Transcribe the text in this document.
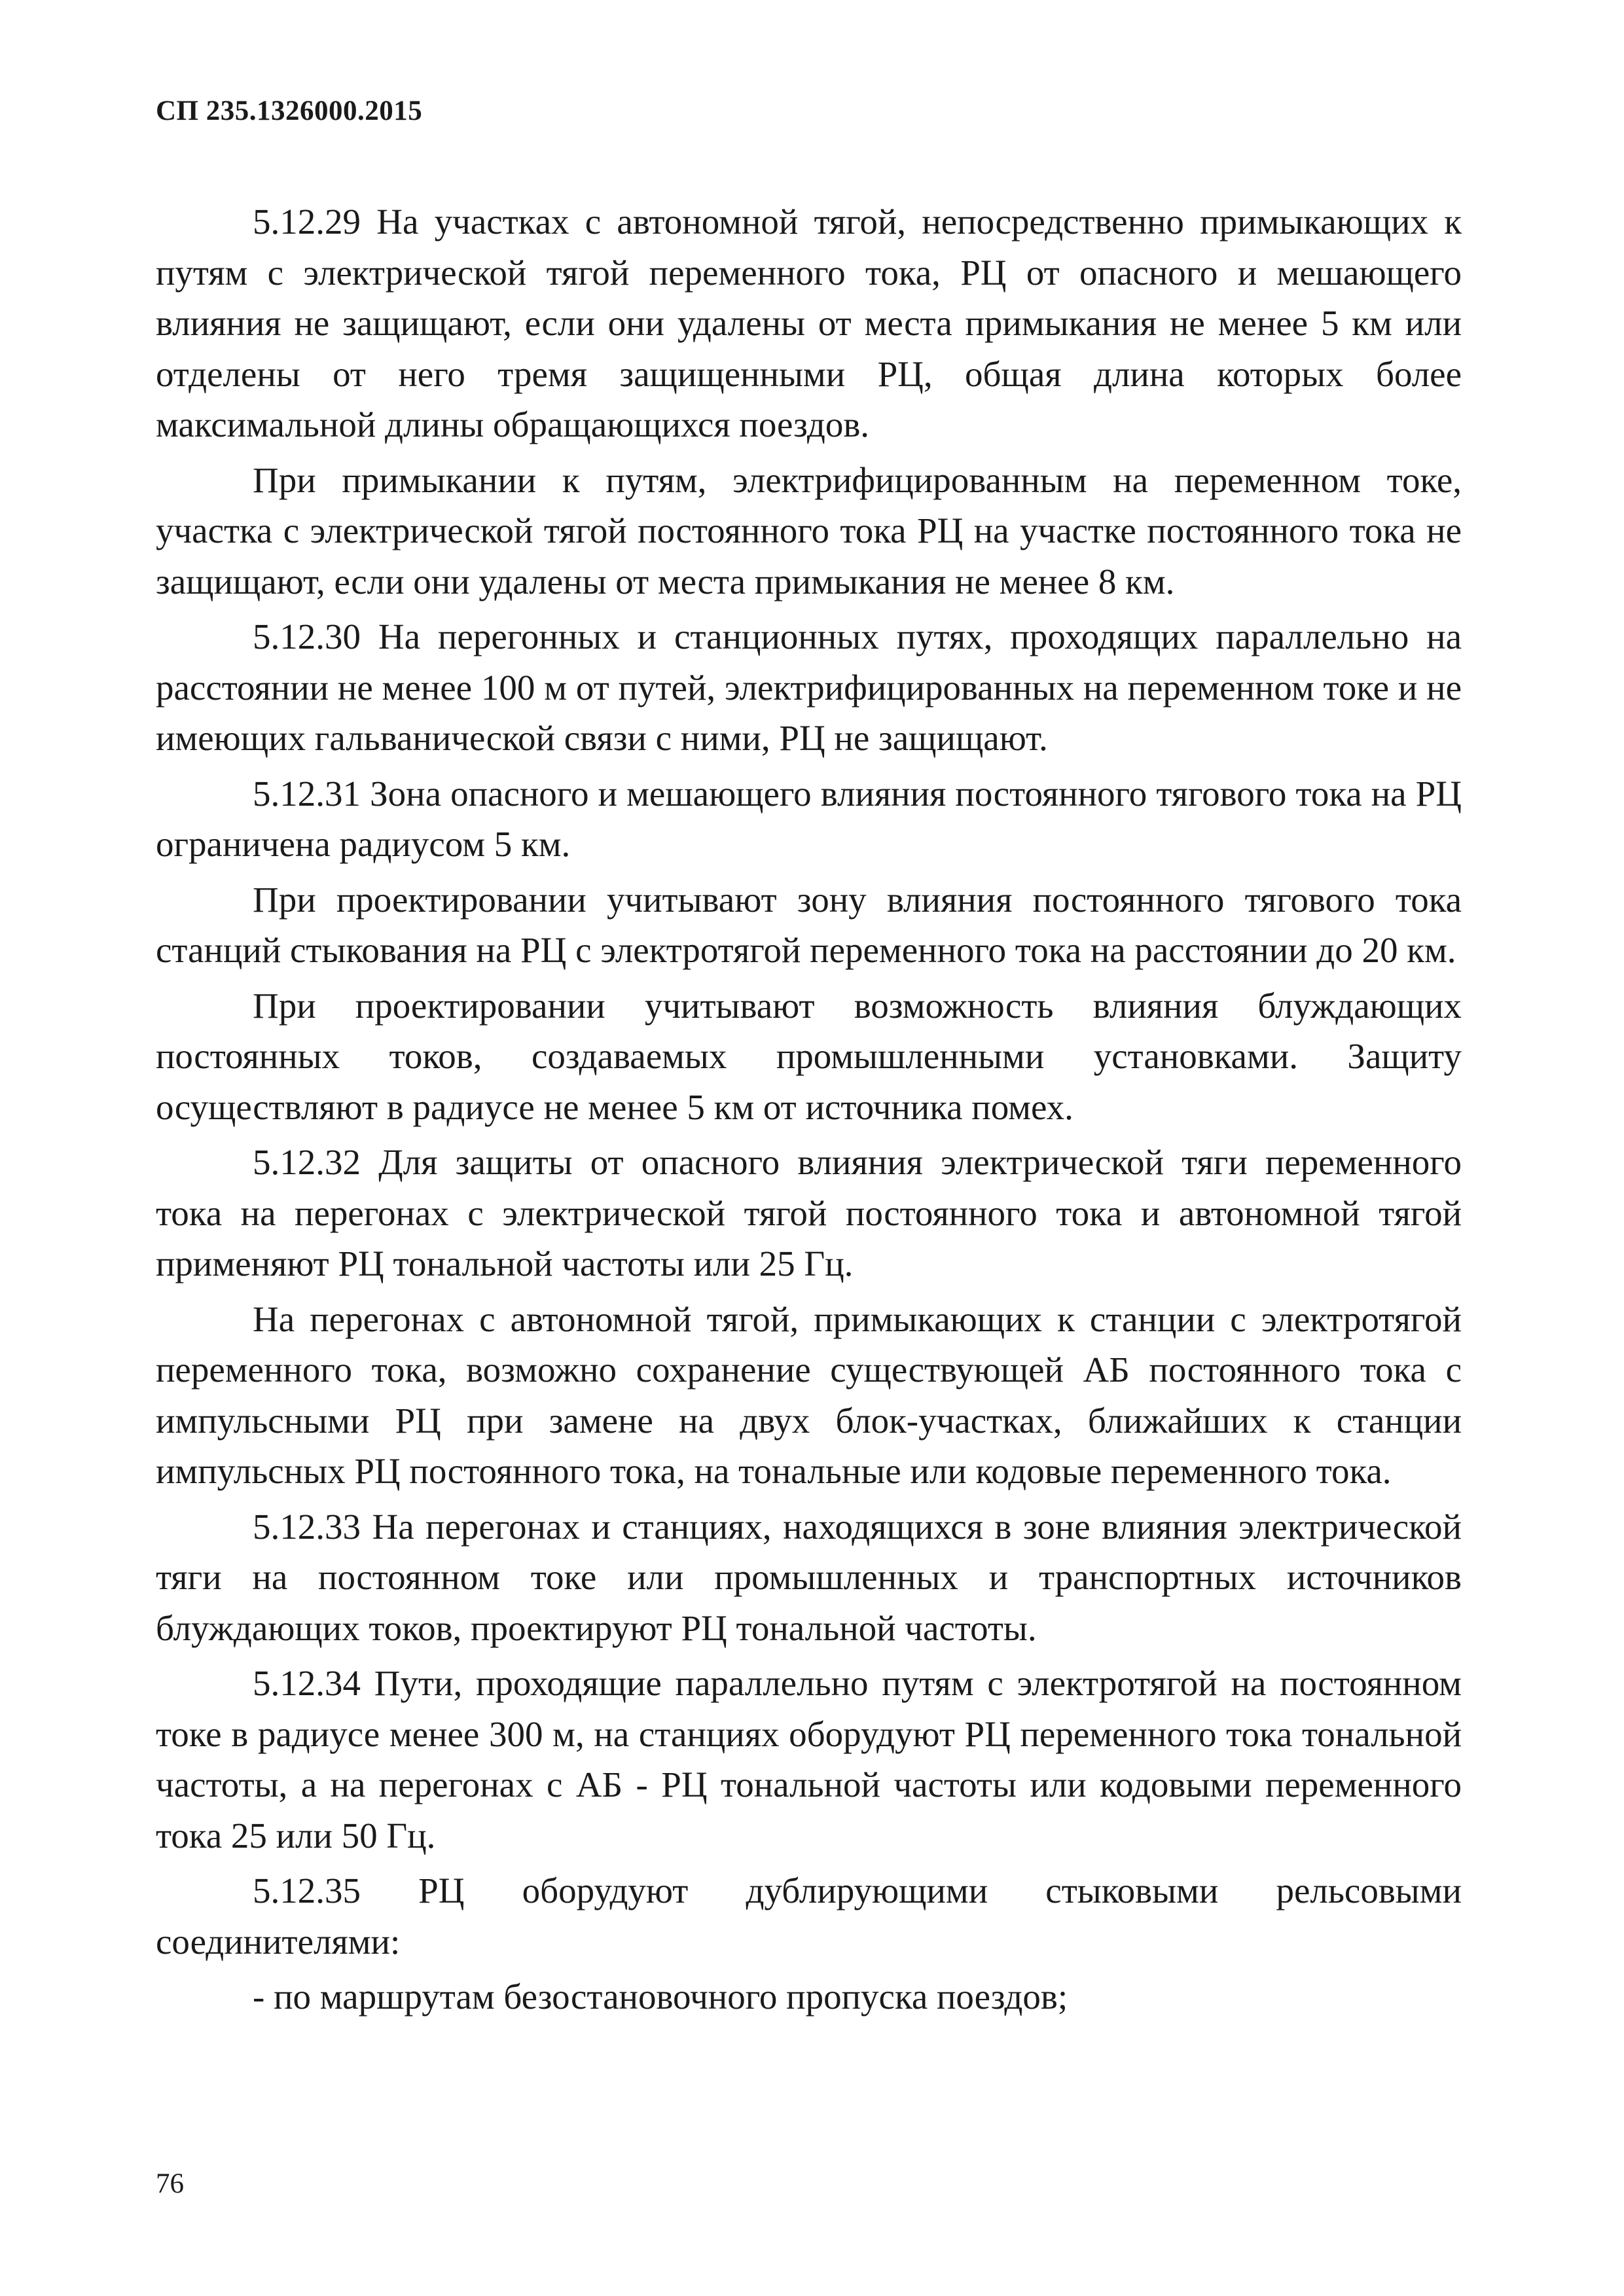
СП 235.1326000.2015

5.12.29 На участках с автономной тягой, непосредственно примыкающих к путям с электрической тягой переменного тока, РЦ от опасного и мешающего влияния не защищают, если они удалены от места примыкания не менее 5 км или отделены от него тремя защищенными РЦ, общая длина которых более максимальной длины обращающихся поездов.

При примыкании к путям, электрифицированным на переменном токе, участка с электрической тягой постоянного тока РЦ на участке постоянного тока не защищают, если они удалены от места примыкания не менее 8 км.

5.12.30 На перегонных и станционных путях, проходящих параллельно на расстоянии не менее 100 м от путей, электрифицированных на переменном токе и не имеющих гальванической связи с ними, РЦ не защищают.

5.12.31 Зона опасного и мешающего влияния постоянного тягового тока на РЦ ограничена радиусом 5 км.

При проектировании учитывают зону влияния постоянного тягового тока станций стыкования на РЦ с электротягой переменного тока на расстоянии до 20 км.

При проектировании учитывают возможность влияния блуждающих постоянных токов, создаваемых промышленными установками. Защиту осуществляют в радиусе не менее 5 км от источника помех.

5.12.32 Для защиты от опасного влияния электрической тяги переменного тока на перегонах с электрической тягой постоянного тока и автономной тягой применяют РЦ тональной частоты или 25 Гц.

На перегонах с автономной тягой, примыкающих к станции с электротягой переменного тока, возможно сохранение существующей АБ постоянного тока с импульсными РЦ при замене на двух блок-участках, ближайших к станции импульсных РЦ постоянного тока, на тональные или кодовые переменного тока.

5.12.33 На перегонах и станциях, находящихся в зоне влияния электрической тяги на постоянном токе или промышленных и транспортных источников блуждающих токов, проектируют РЦ тональной частоты.

5.12.34 Пути, проходящие параллельно путям с электротягой на постоянном токе в радиусе менее 300 м, на станциях оборудуют РЦ переменного тока тональной частоты, а на перегонах с АБ - РЦ тональной частоты или кодовыми переменного тока 25 или 50 Гц.

5.12.35 РЦ оборудуют дублирующими стыковыми рельсовыми соединителями:

- по маршрутам безостановочного пропуска поездов;

76
